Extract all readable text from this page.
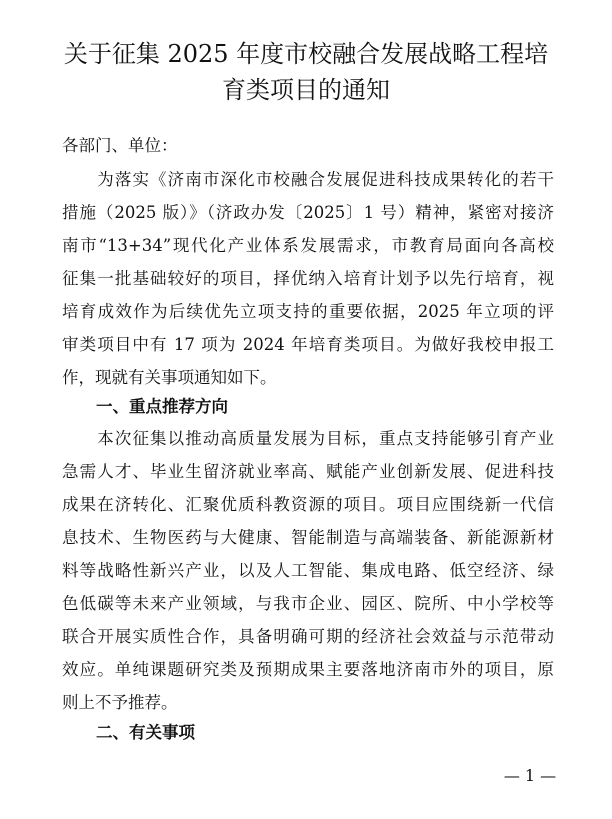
关于征集 2025 年度市校融合发展战略工程培
育类项目的通知

各部门、单位：

　　为落实《济南市深化市校融合发展促进科技成果转化的若干
措施（2025 版）》（济政办发〔2025〕1 号）精神，紧密对接济
南市“13+34”现代化产业体系发展需求，市教育局面向各高校
征集一批基础较好的项目，择优纳入培育计划予以先行培育，视
培育成效作为后续优先立项支持的重要依据，2025 年立项的评
审类项目中有 17 项为 2024 年培育类项目。为做好我校申报工
作，现就有关事项通知如下。
一、重点推荐方向
　　本次征集以推动高质量发展为目标，重点支持能够引育产业
急需人才、毕业生留济就业率高、赋能产业创新发展、促进科技
成果在济转化、汇聚优质科教资源的项目。项目应围绕新一代信
息技术、生物医药与大健康、智能制造与高端装备、新能源新材
料等战略性新兴产业，以及人工智能、集成电路、低空经济、绿
色低碳等未来产业领域，与我市企业、园区、院所、中小学校等
联合开展实质性合作，具备明确可期的经济社会效益与示范带动
效应。单纯课题研究类及预期成果主要落地济南市外的项目，原
则上不予推荐。
二、有关事项
— 1 —
